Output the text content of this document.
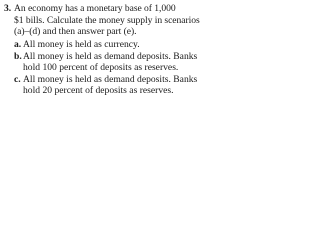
3. An economy has a monetary base of 1,000
$1 bills. Calculate the money supply in scenarios
(a)–(d) and then answer part (e).
a. All money is held as currency.
b. All money is held as demand deposits. Banks
hold 100 percent of deposits as reserves.
c. All money is held as demand deposits. Banks
hold 20 percent of deposits as reserves.
